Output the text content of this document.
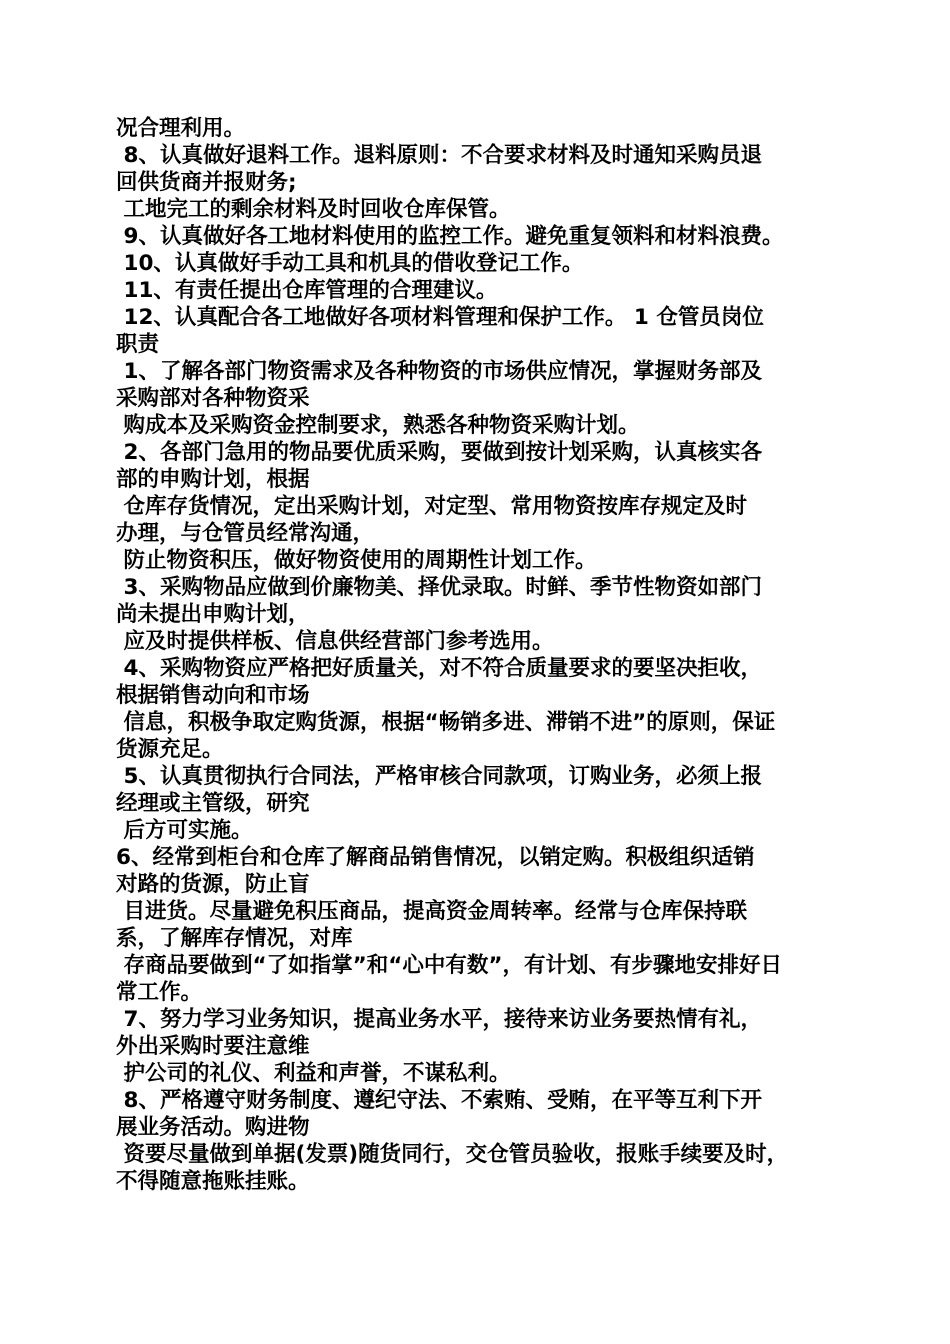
况合理利用。

8、认真做好退料工作。退料原则：不合要求材料及时通知采购员退

回供货商并报财务;

工地完工的剩余材料及时回收仓库保管。

9、认真做好各工地材料使用的监控工作。避免重复领料和材料浪费。

10、认真做好手动工具和机具的借收登记工作。

11、有责任提出仓库管理的合理建议。

12、认真配合各工地做好各项材料管理和保护工作。 1 仓管员岗位

职责

1、了解各部门物资需求及各种物资的市场供应情况，掌握财务部及

采购部对各种物资采

购成本及采购资金控制要求，熟悉各种物资采购计划。

2、各部门急用的物品要优质采购，要做到按计划采购，认真核实各

部的申购计划，根据

仓库存货情况，定出采购计划，对定型、常用物资按库存规定及时

办理，与仓管员经常沟通，

防止物资积压，做好物资使用的周期性计划工作。

3、采购物品应做到价廉物美、择优录取。时鲜、季节性物资如部门

尚未提出申购计划，

应及时提供样板、信息供经营部门参考选用。

4、采购物资应严格把好质量关，对不符合质量要求的要坚决拒收，

根据销售动向和市场

信息，积极争取定购货源，根据“畅销多进、滞销不进”的原则，保证

货源充足。

5、认真贯彻执行合同法，严格审核合同款项，订购业务，必须上报

经理或主管级，研究

后方可实施。

6、经常到柜台和仓库了解商品销售情况，以销定购。积极组织适销

对路的货源，防止盲

目进货。尽量避免积压商品，提高资金周转率。经常与仓库保持联

系，了解库存情况，对库

存商品要做到“了如指掌”和“心中有数”，有计划、有步骤地安排好日

常工作。

7、努力学习业务知识，提高业务水平，接待来访业务要热情有礼，

外出采购时要注意维

护公司的礼仪、利益和声誉，不谋私利。

8、严格遵守财务制度、遵纪守法、不索贿、受贿，在平等互利下开

展业务活动。购进物

资要尽量做到单据(发票)随货同行，交仓管员验收，报账手续要及时，

不得随意拖账挂账。
